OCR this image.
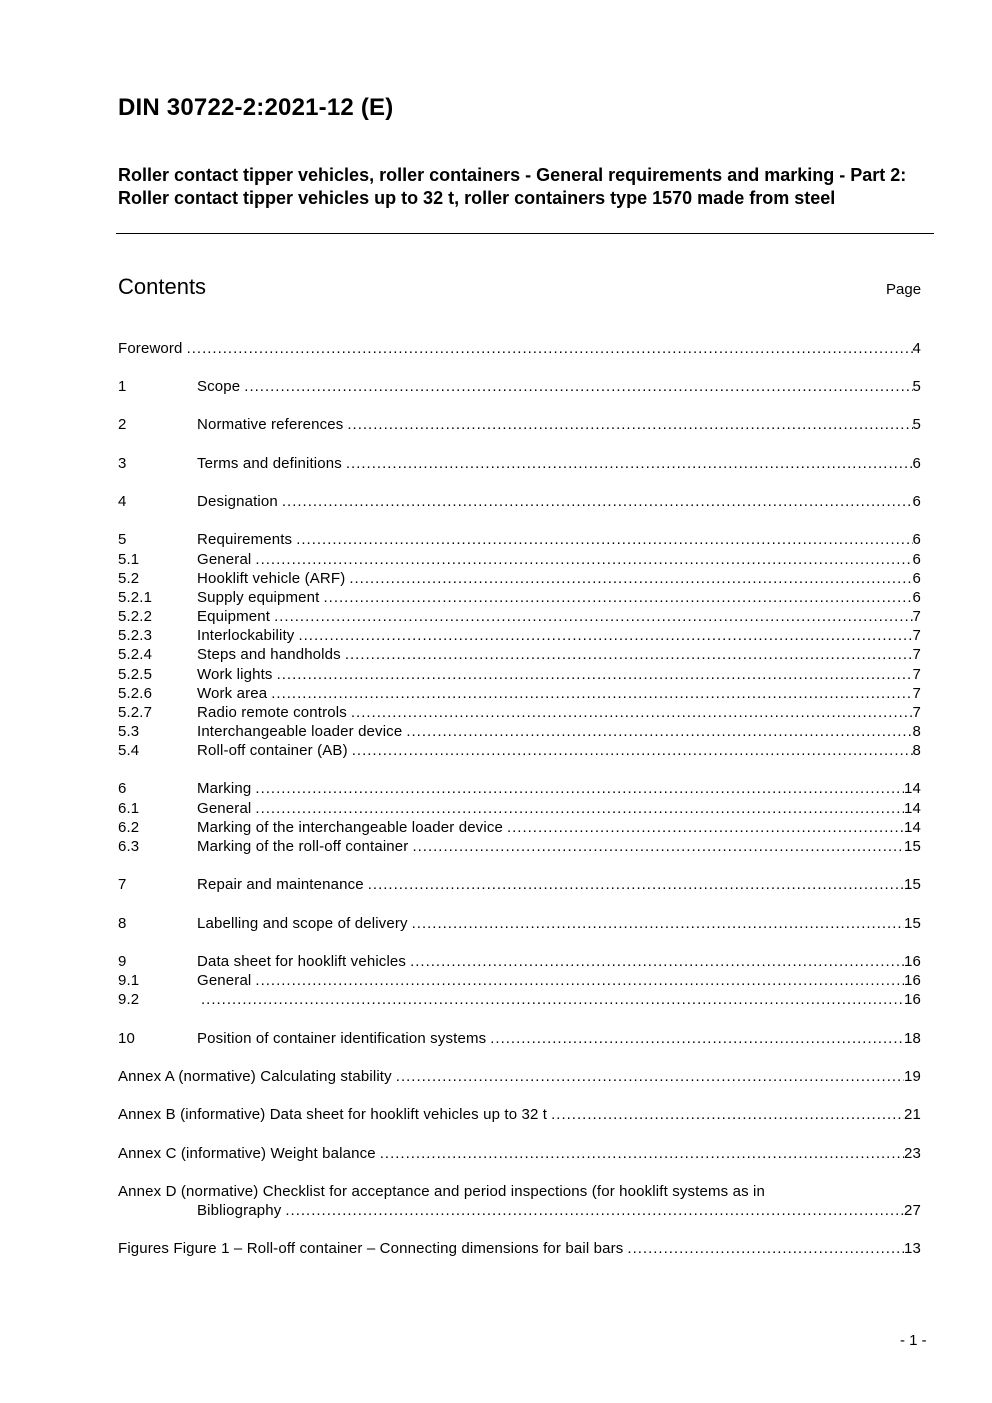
DIN 30722-2:2021-12 (E)
Roller contact tipper vehicles, roller containers - General requirements and marking - Part 2: Roller contact tipper vehicles up to 32 t, roller containers type 1570 made from steel
Contents	Page
Foreword .....	4
1	Scope .....	5
2	Normative references .....	5
3	Terms and definitions .....	6
4	Designation .....	6
5	Requirements .....	6
5.1	General .....	6
5.2	Hooklift vehicle (ARF) .....	6
5.2.1	Supply equipment .....	6
5.2.2	Equipment .....	7
5.2.3	Interlockability .....	7
5.2.4	Steps and handholds .....	7
5.2.5	Work lights .....	7
5.2.6	Work area .....	7
5.2.7	Radio remote controls .....	7
5.3	Interchangeable loader device .....	8
5.4	Roll-off container (AB) .....	8
6	Marking .....	14
6.1	General .....	14
6.2	Marking of the interchangeable loader device .....	14
6.3	Marking of the roll-off container .....	15
7	Repair and maintenance .....	15
8	Labelling and scope of delivery .....	15
9	Data sheet for hooklift vehicles .....	16
9.1	General .....	16
9.2 .....	16
10	Position of container identification systems .....	18
Annex A (normative) Calculating stability .....	19
Annex B (informative) Data sheet for hooklift vehicles up to 32 t .....	21
Annex C (informative) Weight balance .....	23
Annex D (normative) Checklist for acceptance and period inspections (for hooklift systems as in
Bibliography .....	27
Figures Figure 1 – Roll-off container – Connecting dimensions for bail bars .....	13
- 1 -
